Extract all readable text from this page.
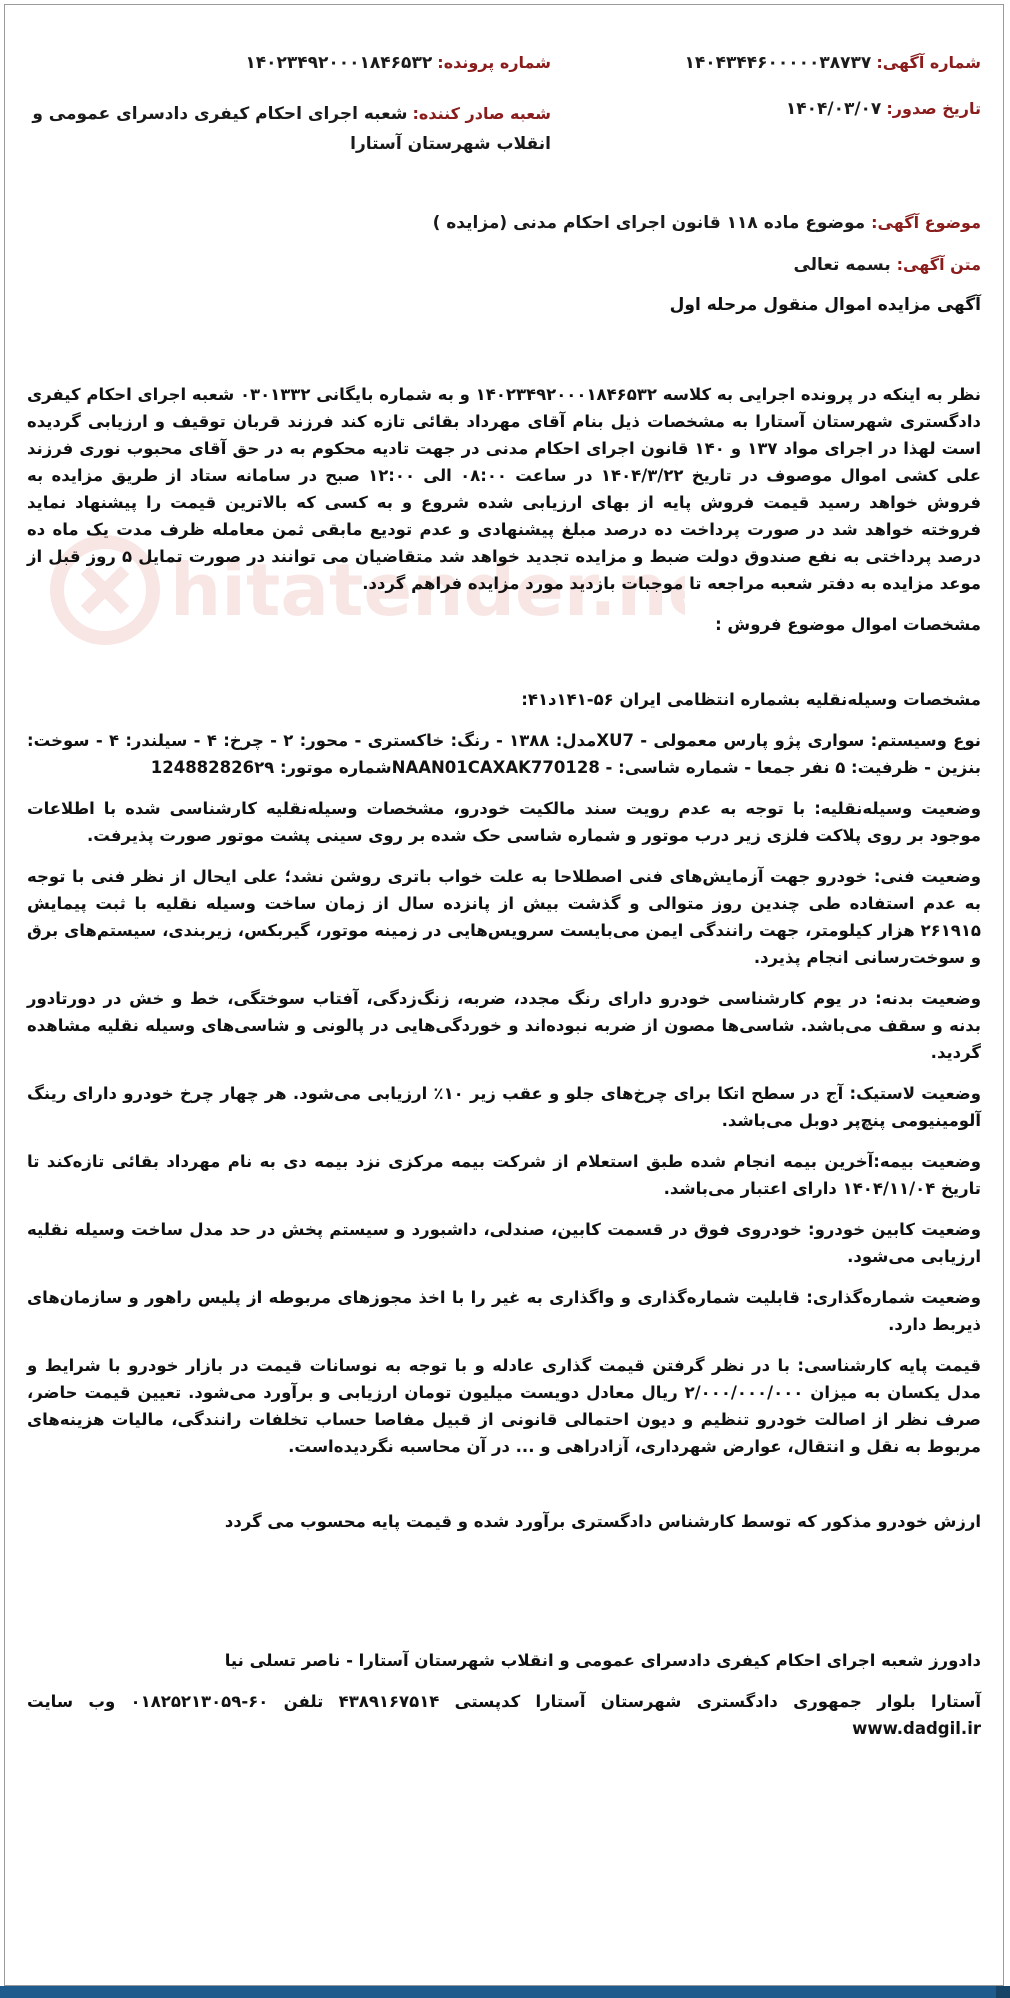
hitatender.n
شماره آگهی: ۱۴۰۴۳۴۴۶۰۰۰۰۰۳۸۷۳۷
شماره پرونده: ۱۴۰۲۳۴۹۲۰۰۰۱۸۴۶۵۳۲
تاریخ صدور: ۱۴۰۴/۰۳/۰۷
شعبه صادر کننده: شعبه اجرای احکام کیفری دادسرای عمومی و انقلاب شهرستان آستارا

موضوع آگهی: موضوع ماده ۱۱۸ قانون اجرای احکام مدنی (مزایده )

متن آگهی: بسمه تعالی

آگهی مزایده اموال منقول مرحله اول

نظر به اینکه در پرونده اجرایی به کلاسه ۱۴۰۲۳۴۹۲۰۰۰۱۸۴۶۵۳۲ و به شماره بایگانی ۰۳۰۱۳۳۲ شعبه اجرای احکام کیفری دادگستری شهرستان آستارا به مشخصات ذیل بنام آقای مهرداد بقائی تازه کند فرزند قربان توقیف و ارزیابی گردیده است لهذا در اجرای مواد ۱۳۷ و ۱۴۰ قانون اجرای احکام مدنی در جهت تادیه محکوم به در حق آقای محبوب نوری فرزند علی کشی اموال موصوف در تاریخ ۱۴۰۴/۳/۲۲ در ساعت ۰۸:۰۰ الی ۱۲:۰۰ صبح در سامانه ستاد از طریق مزایده به فروش خواهد رسید قیمت فروش پایه از بهای ارزیابی شده شروع و به کسی که بالاترین قیمت را پیشنهاد نماید فروخته خواهد شد در صورت پرداخت ده درصد مبلغ پیشنهادی و عدم تودیع مابقی ثمن معامله ظرف مدت یک ماه ده درصد پرداختی به نفع صندوق دولت ضبط و مزایده تجدید خواهد شد متقاضیان می توانند در صورت تمایل ۵ روز قبل از موعد مزایده به دفتر شعبه مراجعه تا موجبات بازدید مورد مزایده فراهم گردد.

مشخصات اموال موضوع فروش :

مشخصات وسیله‌نقلیه بشماره انتظامی ایران ۵۶-۱۴۱د۴۱:

نوع وسیستم: سواری پژو پارس معمولی - XU7مدل: ۱۳۸۸ - رنگ: خاکستری - محور: ۲ - چرخ: ۴ - سیلندر: ۴ - سوخت: بنزین - ظرفیت: ۵ نفر جمعا - شماره شاسی: - NAAN01CAXAK770128شماره موتور: 124882826۲۹

وضعیت وسیله‌نقلیه: با توجه به عدم رویت سند مالکیت خودرو، مشخصات وسیله‌نقلیه کارشناسی شده با اطلاعات موجود بر روی پلاکت فلزی زیر درب موتور و شماره شاسی حک شده بر روی سینی پشت موتور صورت پذیرفت.

وضعیت فنی: خودرو جهت آزمایش‌های فنی اصطلاحا به علت خواب باتری روشن نشد؛ علی ایحال از نظر فنی با توجه به عدم استفاده طی چندین روز متوالی و گذشت بیش از پانزده سال از زمان ساخت وسیله نقلیه با ثبت پیمایش ۲۶۱۹۱۵ هزار کیلومتر، جهت رانندگی ایمن می‌بایست سرویس‌هایی در زمینه موتور، گیربکس، زیربندی، سیستم‌های برق و سوخت‌رسانی انجام پذیرد.

وضعیت بدنه: در یوم کارشناسی خودرو دارای رنگ مجدد، ضربه، زنگ‌زدگی، آفتاب سوختگی، خط و خش در دورتادور بدنه و سقف می‌باشد. شاسی‌ها مصون از ضربه نبوده‌اند و خوردگی‌هایی در پالونی و شاسی‌های وسیله نقلیه مشاهده گردید.

وضعیت لاستیک: آج در سطح اتکا برای چرخ‌های جلو و عقب زیر ۱۰٪ ارزیابی می‌شود. هر چهار چرخ خودرو دارای رینگ آلومینیومی پنچ‌پر دوبل می‌باشد.

وضعیت بیمه:آخرین بیمه انجام شده طبق استعلام از شرکت بیمه مرکزی نزد بیمه دی به نام مهرداد بقائی تازه‌کند تا تاریخ ۱۴۰۴/۱۱/۰۴ دارای اعتبار می‌باشد.

وضعیت کابین خودرو: خودروی فوق در قسمت کابین، صندلی، داشبورد و سیستم پخش در حد مدل ساخت وسیله نقلیه ارزیابی می‌شود.

وضعیت شماره‌گذاری: قابلیت شماره‌گذاری و واگذاری به غیر را با اخذ مجوزهای مربوطه از پلیس راهور و سازمان‌های ذیربط دارد.

قیمت پایه کارشناسی: با در نظر گرفتن قیمت گذاری عادله و با توجه به نوسانات قیمت در بازار خودرو با شرایط و مدل یکسان به میزان ۲/۰۰۰/۰۰۰/۰۰۰ ریال معادل دویست میلیون تومان ارزیابی و برآورد می‌شود. تعیین قیمت حاضر، صرف نظر از اصالت خودرو تنظیم و دیون احتمالی قانونی از قبیل مفاصا حساب تخلفات رانندگی، مالیات هزینه‌های مربوط به نقل و انتقال، عوارض شهرداری، آزادراهی و ... در آن محاسبه نگردیده‌است.

ارزش خودرو مذکور که توسط کارشناس دادگستری برآورد شده و قیمت پایه محسوب می گردد

دادورز شعبه اجرای احکام کیفری دادسرای عمومی و انقلاب شهرستان آستارا - ناصر تسلی نیا

آستارا بلوار جمهوری دادگستری شهرستان آستارا کدپستی ۴۳۸۹۱۶۷۵۱۴ تلفن ۶۰-۰۱۸۲۵۲۱۳۰۵۹ وب سایت www.dadgil.ir
